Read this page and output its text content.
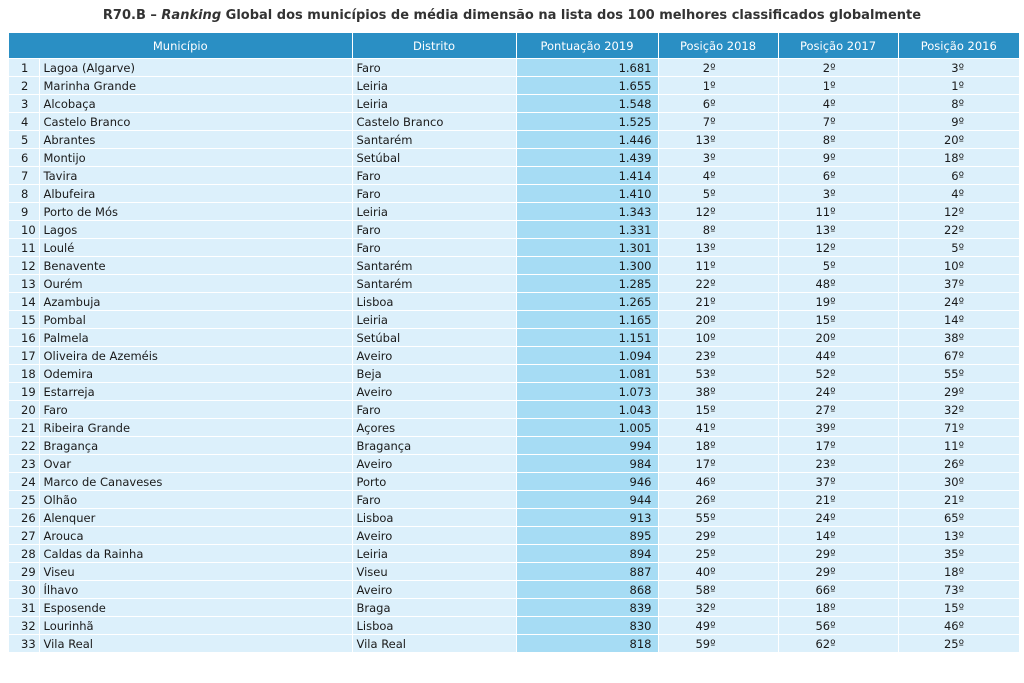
R70.B – Ranking Global dos municípios de média dimensão na lista dos 100 melhores classificados globalmente
Município		Distrito	Pontuação 2019	Posição 2018	Posição 2017	Posição 2016
1	Lagoa (Algarve)	Faro	1.681	2º	2º	3º
2	Marinha Grande	Leiria	1.655	1º	1º	1º
3	Alcobaça	Leiria	1.548	6º	4º	8º
4	Castelo Branco	Castelo Branco	1.525	7º	7º	9º
5	Abrantes	Santarém	1.446	13º	8º	20º
6	Montijo	Setúbal	1.439	3º	9º	18º
7	Tavira	Faro	1.414	4º	6º	6º
8	Albufeira	Faro	1.410	5º	3º	4º
9	Porto de Mós	Leiria	1.343	12º	11º	12º
10	Lagos	Faro	1.331	8º	13º	22º
11	Loulé	Faro	1.301	13º	12º	5º
12	Benavente	Santarém	1.300	11º	5º	10º
13	Ourém	Santarém	1.285	22º	48º	37º
14	Azambuja	Lisboa	1.265	21º	19º	24º
15	Pombal	Leiria	1.165	20º	15º	14º
16	Palmela	Setúbal	1.151	10º	20º	38º
17	Oliveira de Azeméis	Aveiro	1.094	23º	44º	67º
18	Odemira	Beja	1.081	53º	52º	55º
19	Estarreja	Aveiro	1.073	38º	24º	29º
20	Faro	Faro	1.043	15º	27º	32º
21	Ribeira Grande	Açores	1.005	41º	39º	71º
22	Bragança	Bragança	994	18º	17º	11º
23	Ovar	Aveiro	984	17º	23º	26º
24	Marco de Canaveses	Porto	946	46º	37º	30º
25	Olhão	Faro	944	26º	21º	21º
26	Alenquer	Lisboa	913	55º	24º	65º
27	Arouca	Aveiro	895	29º	14º	13º
28	Caldas da Rainha	Leiria	894	25º	29º	35º
29	Viseu	Viseu	887	40º	29º	18º
30	Ílhavo	Aveiro	868	58º	66º	73º
31	Esposende	Braga	839	32º	18º	15º
32	Lourinhã	Lisboa	830	49º	56º	46º
33	Vila Real	Vila Real	818	59º	62º	25º
